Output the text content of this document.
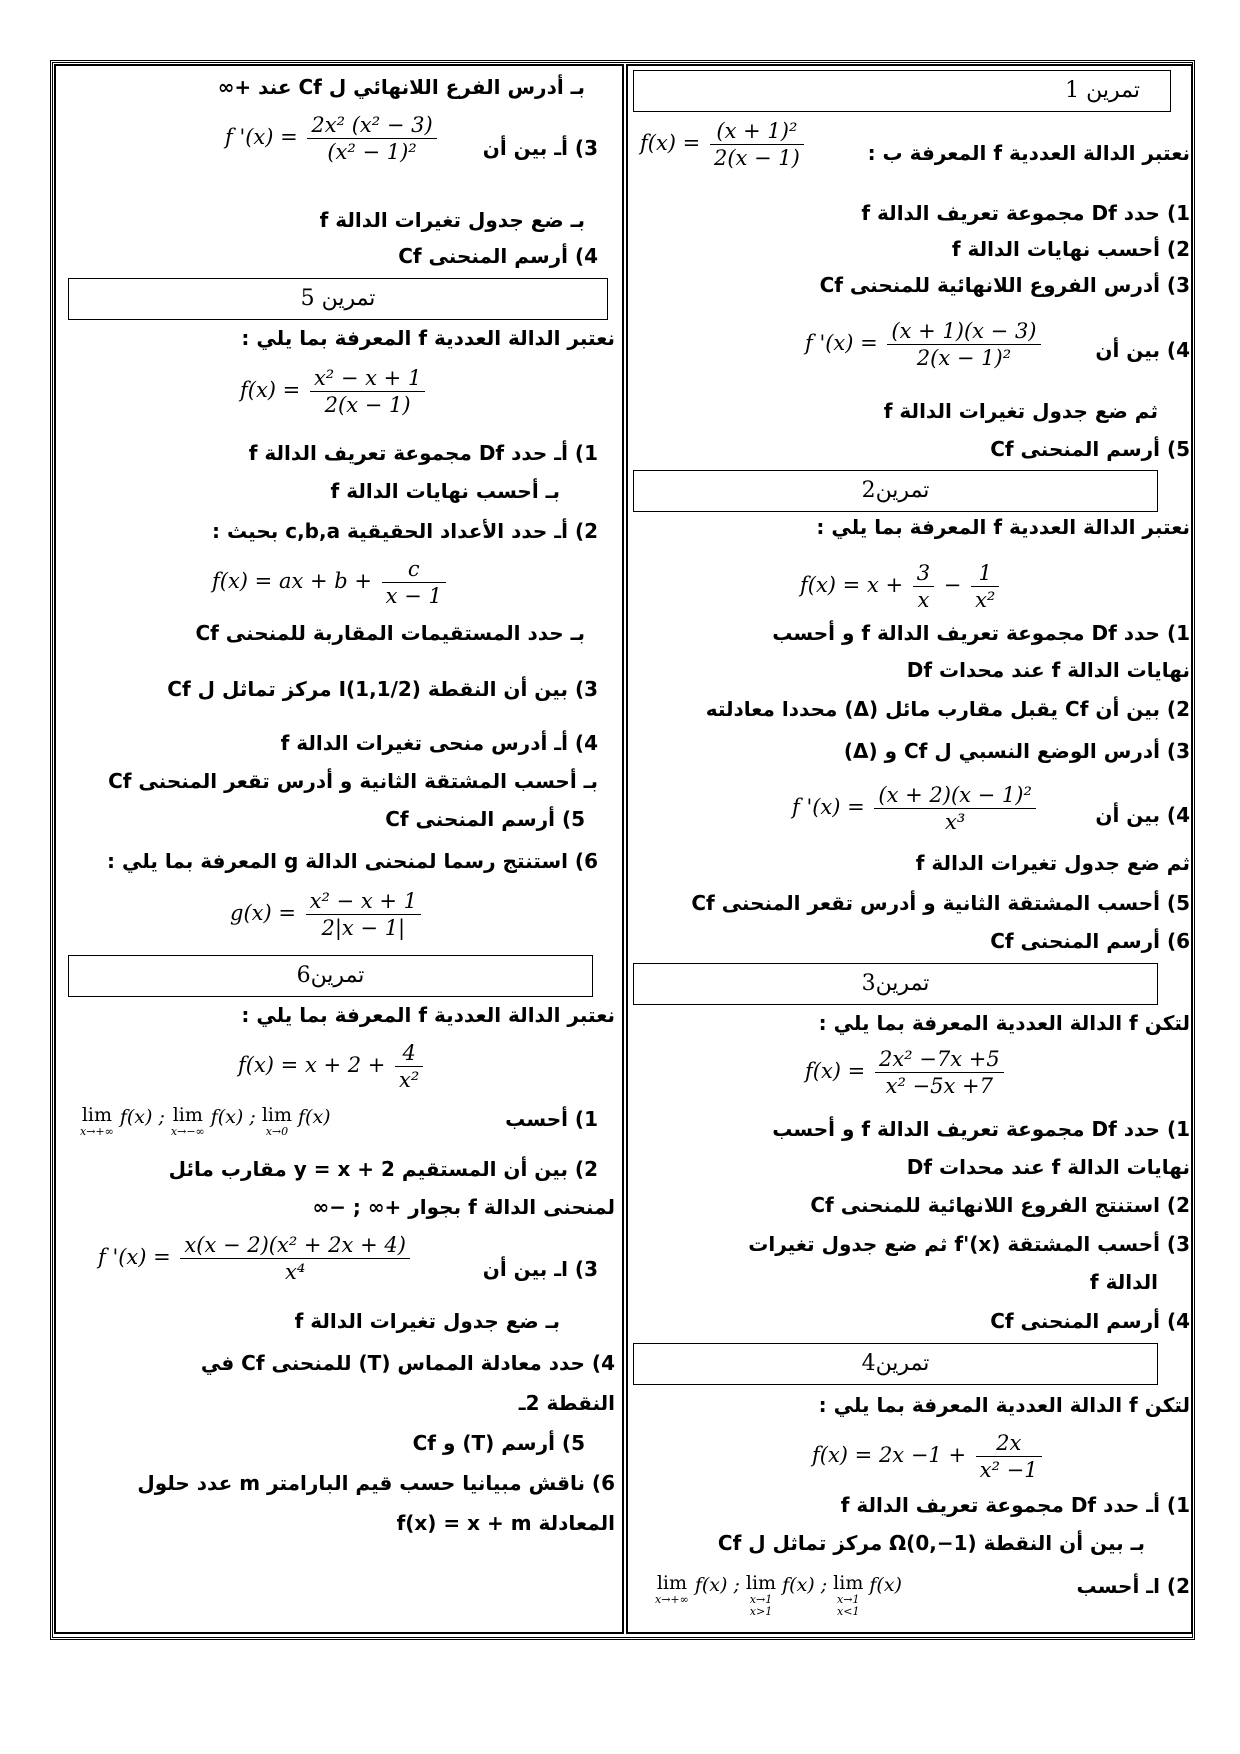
تمرين 1
نعتبر الدالة العددية f المعرفة ب :
$f(x) = \frac{\text{(x + 1)²}}{2(x - 1)}$
1) حدد Df مجموعة تعريف الدالة f
2) أحسب نهايات الدالة f
3) أدرس الفروع اللانهائية للمنحنى Cf
4) بين أن
f '$(x) = \frac{(x + 1)(x - 3)}{\text{2(x − 1)²}}$
ثم ضع جدول تغيرات الدالة f
5) أرسم المنحنى Cf
تمرين2
نعتبر الدالة العددية f المعرفة بما يلي :
$f(x) = x + \frac{3}{x} - \frac{1}{\text{x²}}$
1) حدد Df مجموعة تعريف الدالة f و أحسب
نهايات الدالة f عند محدات Df
2) بين أن Cf يقبل مقارب مائل (Δ) محددا معادلته
3) أدرس الوضع النسبي ل Cf و (Δ)
4) بين أن
f '$(x) = \frac{\text{(x + 2)(x − 1)²}}{\text{x³}}$
ثم ضع جدول تغيرات الدالة f
5) أحسب المشتقة الثانية و أدرس تقعر المنحنى Cf
6) أرسم المنحنى Cf
تمرين3
لتكن f الدالة العددية المعرفة بما يلي :
$f(x) = \frac{\text{2x² −7x +5}}{\text{x² −5x +7}}$
1) حدد Df مجموعة تعريف الدالة f و أحسب
نهايات الدالة f عند محدات Df
2) استنتج الفروع اللانهائية للمنحنى Cf
3) أحسب المشتقة f'(x) ثم ضع جدول تغيرات
الدالة f
4) أرسم المنحنى Cf
تمرين4
لتكن f الدالة العددية المعرفة بما يلي :
$f(x) = 2x -1 + \frac{2x}{\text{x² −1}}$
1) أـ حدد Df مجموعة تعريف الدالة f
بـ بين أن النقطة Ω(0,−1) مركز تماثل ل Cf
2) اـ أحسب
lim
x→+∞
f(x) ; lim
x→1
x>1
f(x) ; lim
x→1
x<1
f(x)
بـ أدرس الفرع اللانهائي ل Cf عند +∞
3) أـ بين أن
f '$(x) = \frac{\text{2x² (x² − 3)}}{\text{(x² − 1)²}}$
بـ ضع جدول تغيرات الدالة f
4) أرسم المنحنى Cf
تمرين 5
نعتبر الدالة العددية f المعرفة بما يلي :
$f(x) = \frac{\text{x² − x + 1}}{2(x - 1)}$
1) أـ حدد Df مجموعة تعريف الدالة f
بـ أحسب نهايات الدالة f
2) أـ حدد الأعداد الحقيقية c,b,a بحيث :
f(x) = ax + $b + \frac{c}{x - 1}$
بـ حدد المستقيمات المقاربة للمنحنى Cf
3) بين أن النقطة I(1,1/2) مركز تماثل ل Cf
4) أـ أدرس منحى تغيرات الدالة f
بـ أحسب المشتقة الثانية و أدرس تقعر المنحنى Cf
5) أرسم المنحنى Cf
6) استنتج رسما لمنحنى الدالة g المعرفة بما يلي :
$g(x) = \frac{\text{x² − x + 1}}{2|x - 1|}$
تمرين6
نعتبر الدالة العددية f المعرفة بما يلي :
$f(x) = x + 2 + \frac{4}{\text{x²}}$
1) أحسب
lim
x→+∞
f(x) ; lim
x→−∞
f(x) ; lim
x→0
f(x)
2) بين أن المستقيم y = x + 2 مقارب مائل
لمنحنى الدالة f بجوار +∞ ; −∞
3) اـ بين أن
f '$(x) = \frac{\text{x(x − 2)(x² + 2x + 4)}}{\text{x⁴}}$
بـ ضع جدول تغيرات الدالة f
4) حدد معادلة المماس (T) للمنحنى Cf في
النقطة 2ـ
5) أرسم (T) و Cf
6) ناقش مبيانيا حسب قيم البارامتر m عدد حلول
المعادلة f(x) = x + m
